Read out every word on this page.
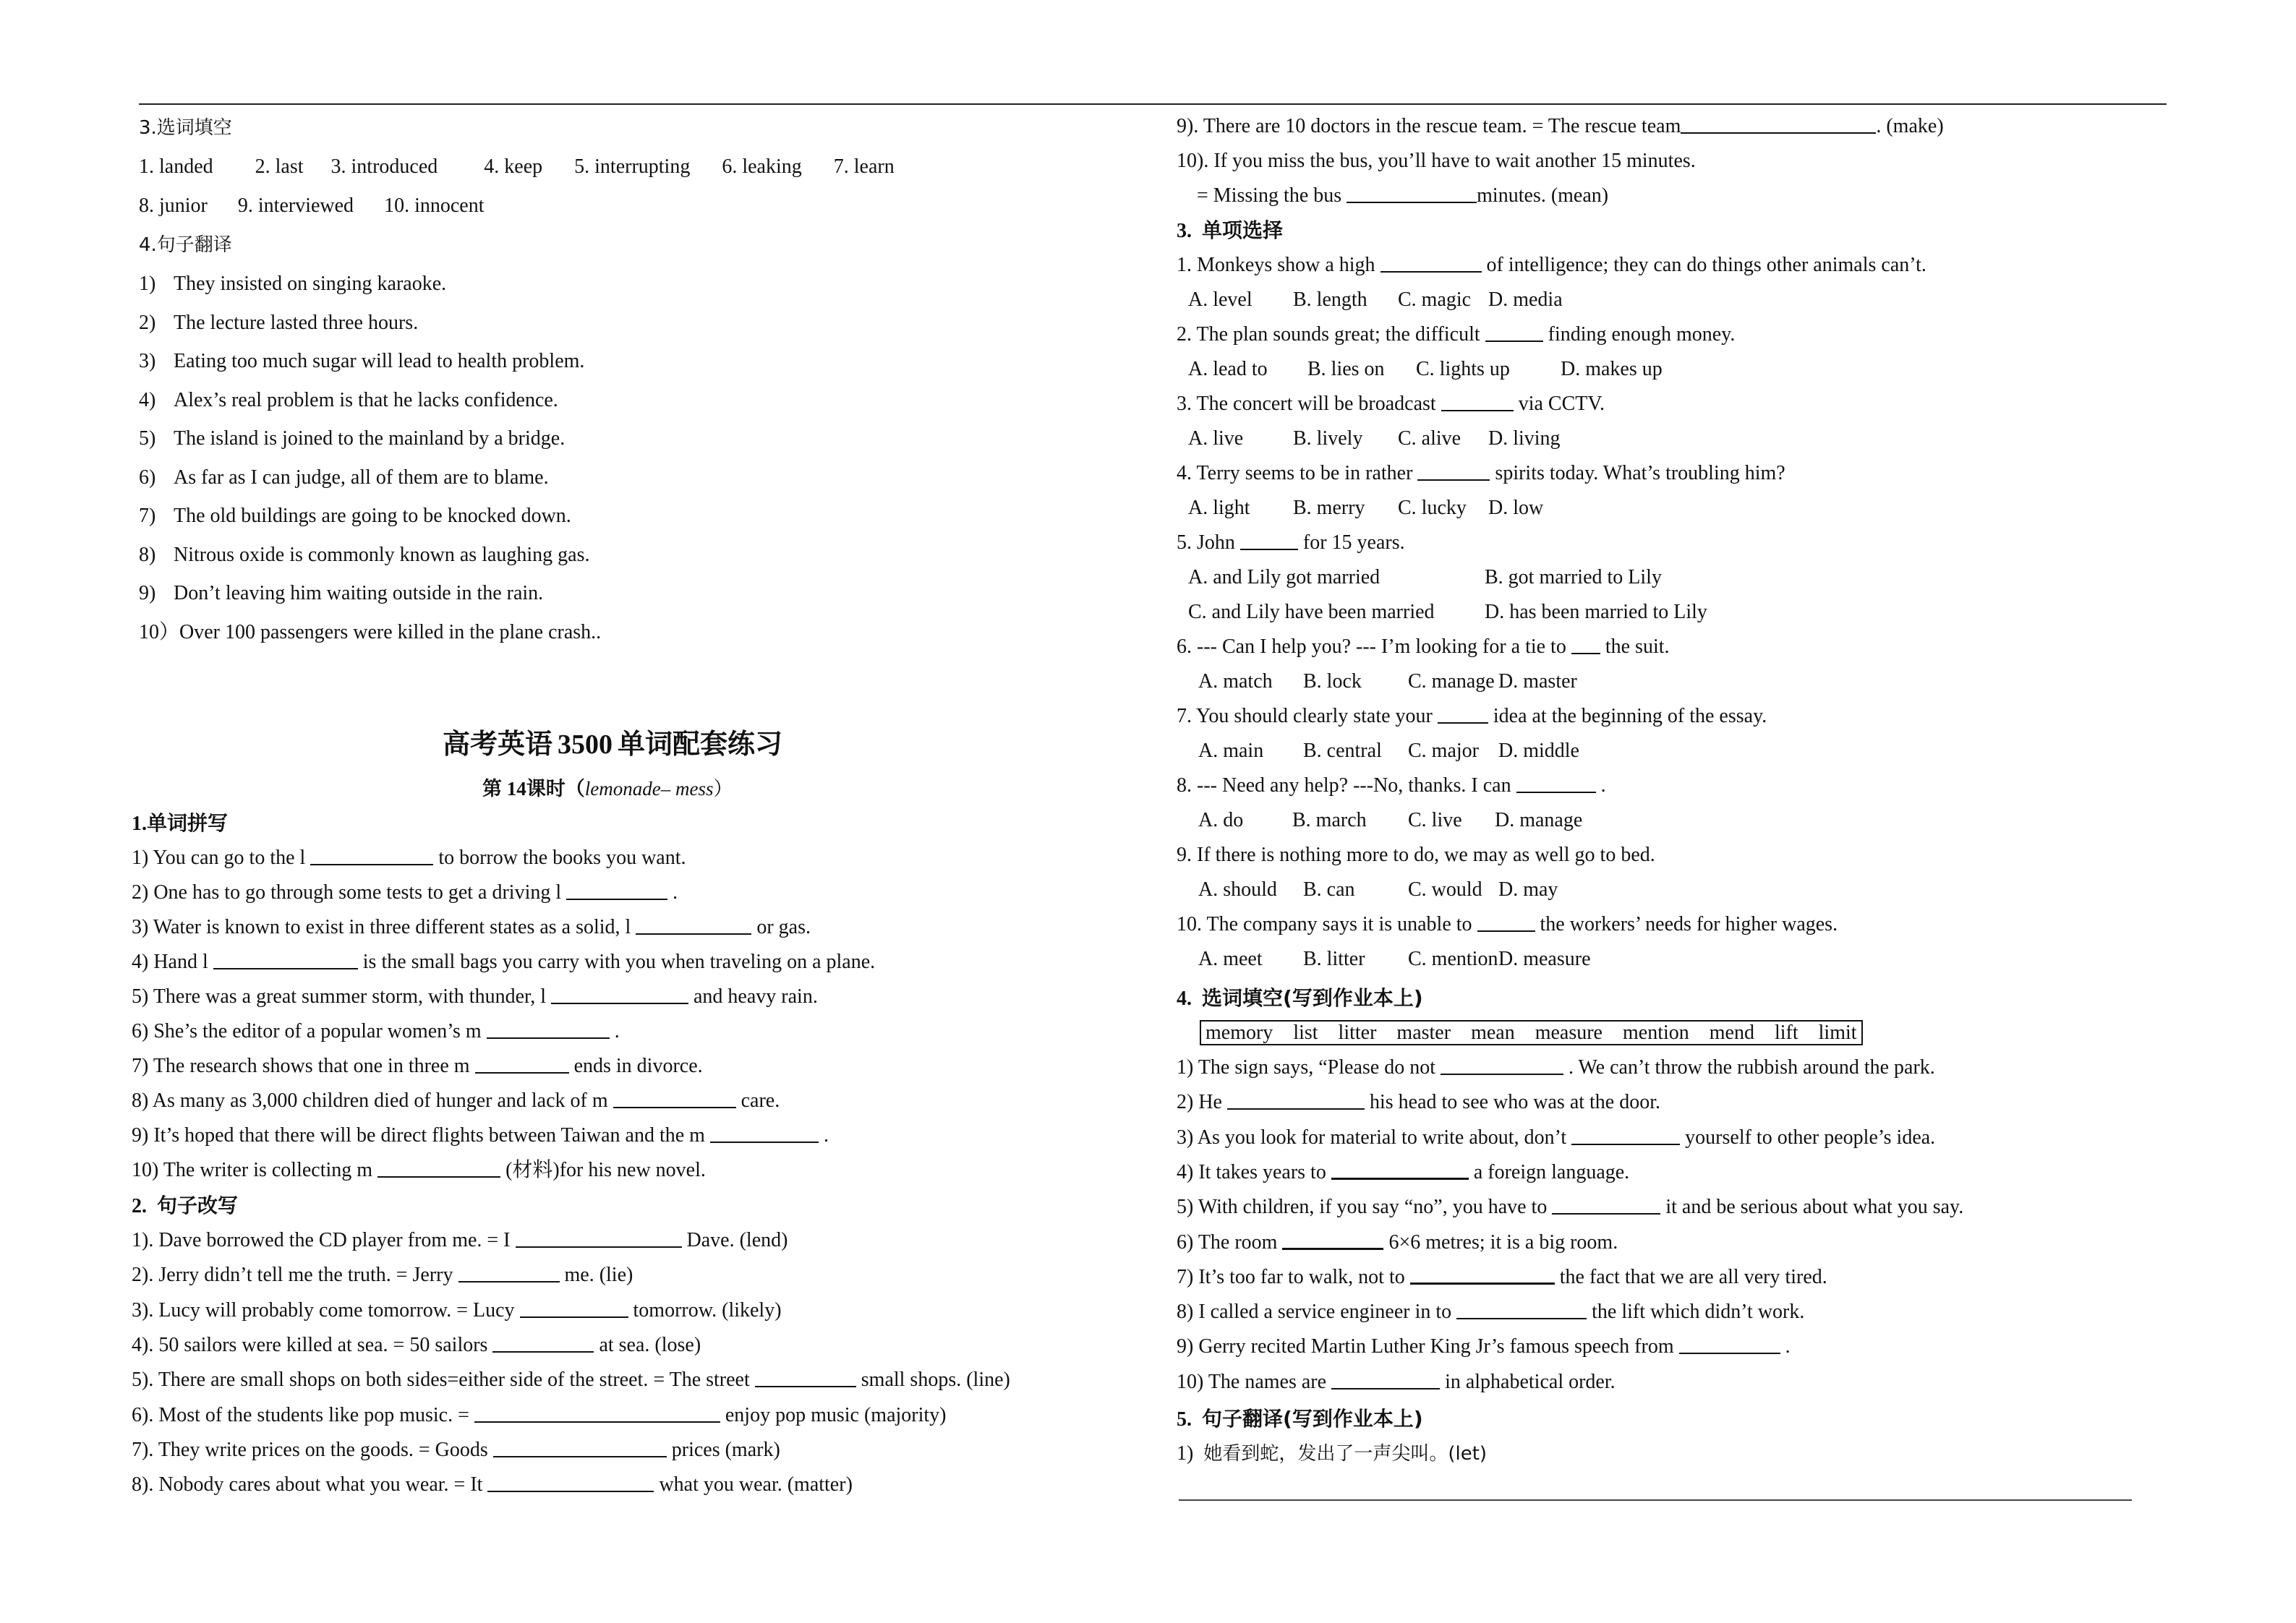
3.选词填空
1. landed 2. last 3. introduced 4. keep 5. interrupting 6. leaking 7. learn
8. junior 9. interviewed 10. innocent
4.句子翻译
1) They insisted on singing karaoke.
2) The lecture lasted three hours.
3) Eating too much sugar will lead to health problem.
4) Alex’s real problem is that he lacks confidence.
5) The island is joined to the mainland by a bridge.
6) As far as I can judge, all of them are to blame.
7) The old buildings are going to be knocked down.
8) Nitrous oxide is commonly known as laughing gas.
9) Don’t leaving him waiting outside in the rain.
10）Over 100 passengers were killed in the plane crash..
高考英语 3500 单词配套练习
第 14课时（lemonade– mess）
1.单词拼写
1) You can go to the l	to borrow the books you want.
2) One has to go through some tests to get a driving l	.
3) Water is known to exist in three different states as a solid, l	or gas.
4) Hand l	is the small bags you carry with you when traveling on a plane.
5) There was a great summer storm, with thunder, l	and heavy rain.
6) She’s the editor of a popular women’s m	.
7) The research shows that one in three m	ends in divorce.
8) As many as 3,000 children died of hunger and lack of m	care.
9) It’s hoped that there will be direct flights between Taiwan and the m	.
10) The writer is collecting m	(材料)for his new novel.
2. 句子改写
1). Dave borrowed the CD player from me. = I	Dave. (lend)
2). Jerry didn’t tell me the truth. = Jerry	me. (lie)
3). Lucy will probably come tomorrow. = Lucy	tomorrow. (likely)
4). 50 sailors were killed at sea. = 50 sailors	at sea. (lose)
5). There are small shops on both sides=either side of the street. = The street	small shops. (line)
6). Most of the students like pop music. =	enjoy pop music (majority)
7). They write prices on the goods. = Goods	prices (mark)
8). Nobody cares about what you wear. = It	what you wear. (matter)
9). There are 10 doctors in the rescue team. = The rescue team	. (make)
10). If you miss the bus, you’ll have to wait another 15 minutes.
= Missing the bus	minutes. (mean)
3. 单项选择
1. Monkeys show a high	of intelligence; they can do things other animals can’t.
A. level B. length C. magic D. media
2. The plan sounds great; the difficult	finding enough money.
A. lead to B. lies on C. lights up	D. makes up
3. The concert will be broadcast	via CCTV.
A. live B. lively C. alive D. living
4. Terry seems to be in rather	spirits today. What’s troubling him?
A. light B. merry C. lucky D. low
5. John	for 15 years.
A. and Lily got married	B. got married to Lily
C. and Lily have been married D. has been married to Lily
6. --- Can I help you? --- I’m looking for a tie to the suit.
A. match B. lock C. manage D. master
7. You should clearly state your	idea at the beginning of the essay.
A. main B. central C. major D. middle
8. --- Need any help? ---No, thanks. I can	.
A. do B. march C. live D. manage
9. If there is nothing more to do, we may as well go to bed.
A. should B. can	C. would D. may
10. The company says it is unable to	the workers’ needs for higher wages.
A. meet B. litter C. mentionD. measure
4. 选词填空(写到作业本上)
memory list litter master mean measure mention mend lift limit
1) The sign says, “Please do not	. We can’t throw the rubbish around the park.
2) He	his head to see who was at the door.
3) As you look for material to write about, don’t	yourself to other people’s idea.
4) It takes years to	a foreign language.
5) With children, if you say “no”, you have to	it and be serious about what you say.
6) The room	6×6 metres; it is a big room.
7) It’s too far to walk, not to	the fact that we are all very tired.
8) I called a service engineer in to	the lift which didn’t work.
9) Gerry recited Martin Luther King Jr’s famous speech from	.
10) The names are	in alphabetical order.
5. 句子翻译(写到作业本上)
1) 她看到蛇，发出了一声尖叫。(let)
